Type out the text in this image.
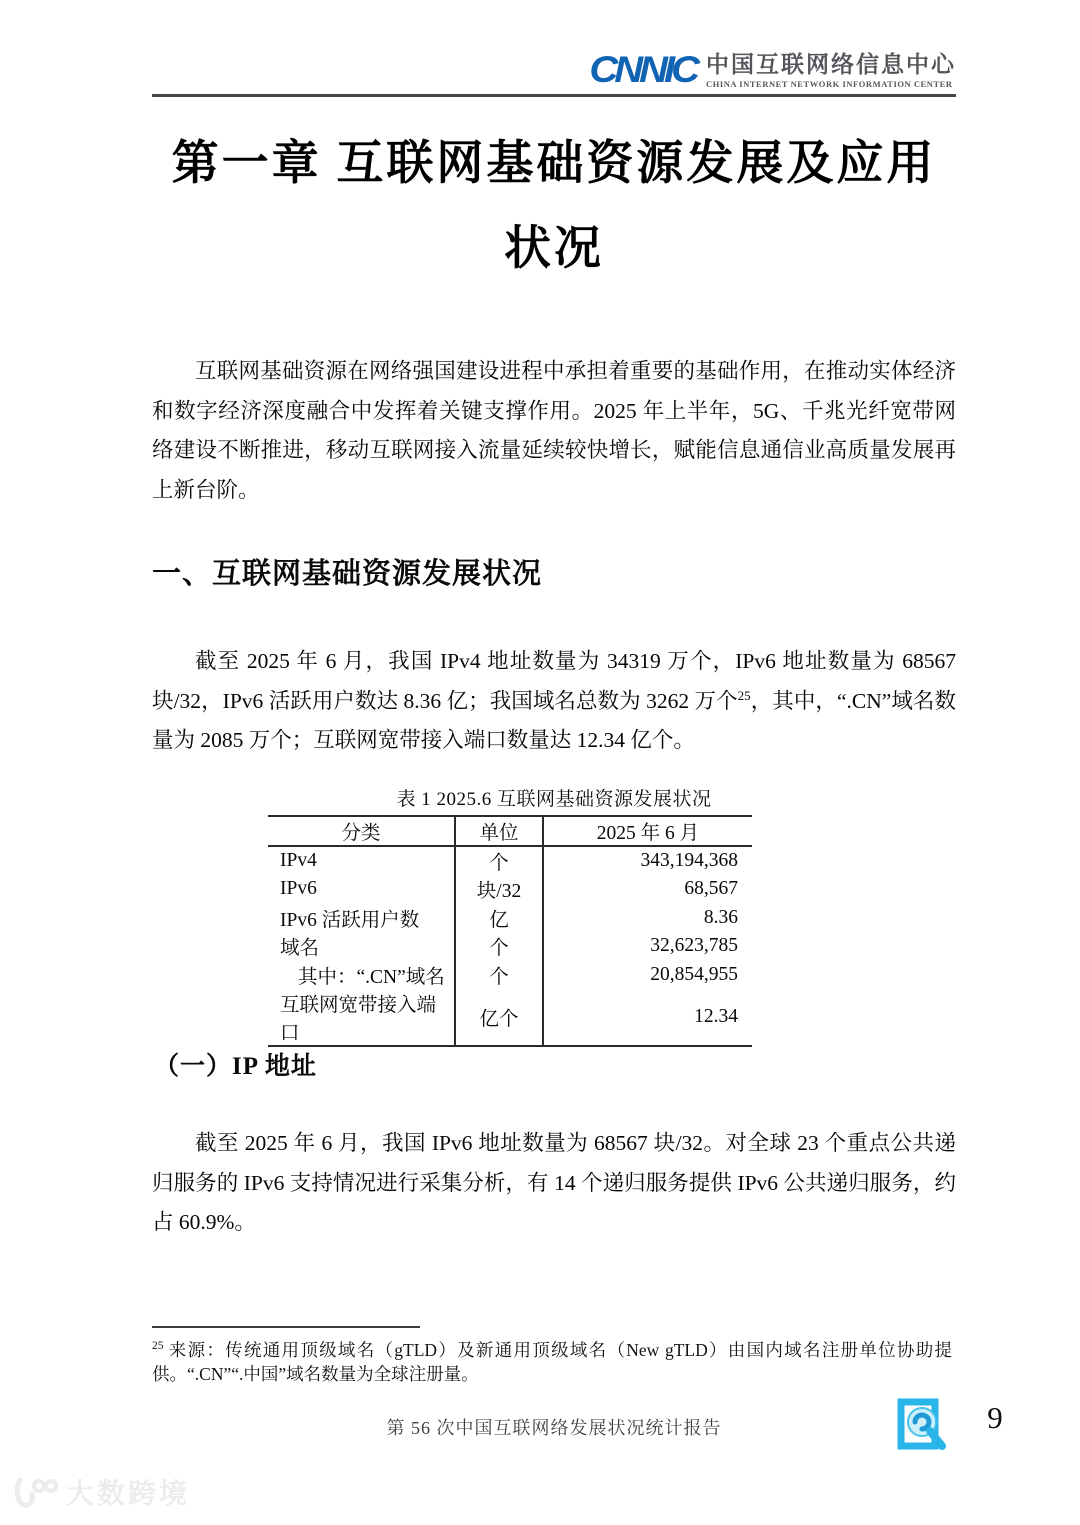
CNNIC 中国互联网络信息中心
CHINA INTERNET NETWORK INFORMATION CENTER
第一章 互联网基础资源发展及应用
状况

互联网基础资源在网络强国建设进程中承担着重要的基础作用，在推动实体经济和数字经济深度融合中发挥着关键支撑作用。2025 年上半年，5G、千兆光纤宽带网络建设不断推进，移动互联网接入流量延续较快增长，赋能信息通信业高质量发展再上新台阶。

一、互联网基础资源发展状况

截至 2025 年 6 月，我国 IPv4 地址数量为 34319 万个，IPv6 地址数量为 68567 块/32，IPv6 活跃用户数达 8.36 亿；我国域名总数为 3262 万个$^{25}$，其中，“.CN”域名数量为 2085 万个；互联网宽带接入端口数量达 12.34 亿个。

表 1 2025.6 互联网基础资源发展状况
分类	单位	2025 年 6 月
IPv4	个	343,194,368
IPv6	块/32	68,567
IPv6 活跃用户数	亿	8.36
域名	个	32,623,785
其中：“.CN”域名	个	20,854,955
互联网宽带接入端口	亿个	12.34
（一）IP 地址

截至 2025 年 6 月，我国 IPv6 地址数量为 68567 块/32。对全球 23 个重点公共递归服务的 IPv6 支持情况进行采集分析，有 14 个递归服务提供 IPv6 公共递归服务，约占 60.9%。

$^{25}$ 来源：传统通用顶级域名（gTLD）及新通用顶级域名（New gTLD）由国内域名注册单位协助提供。“.CN”“.中国”域名数量为全球注册量。
第 56 次中国互联网络发展状况统计报告	9
大数跨境
